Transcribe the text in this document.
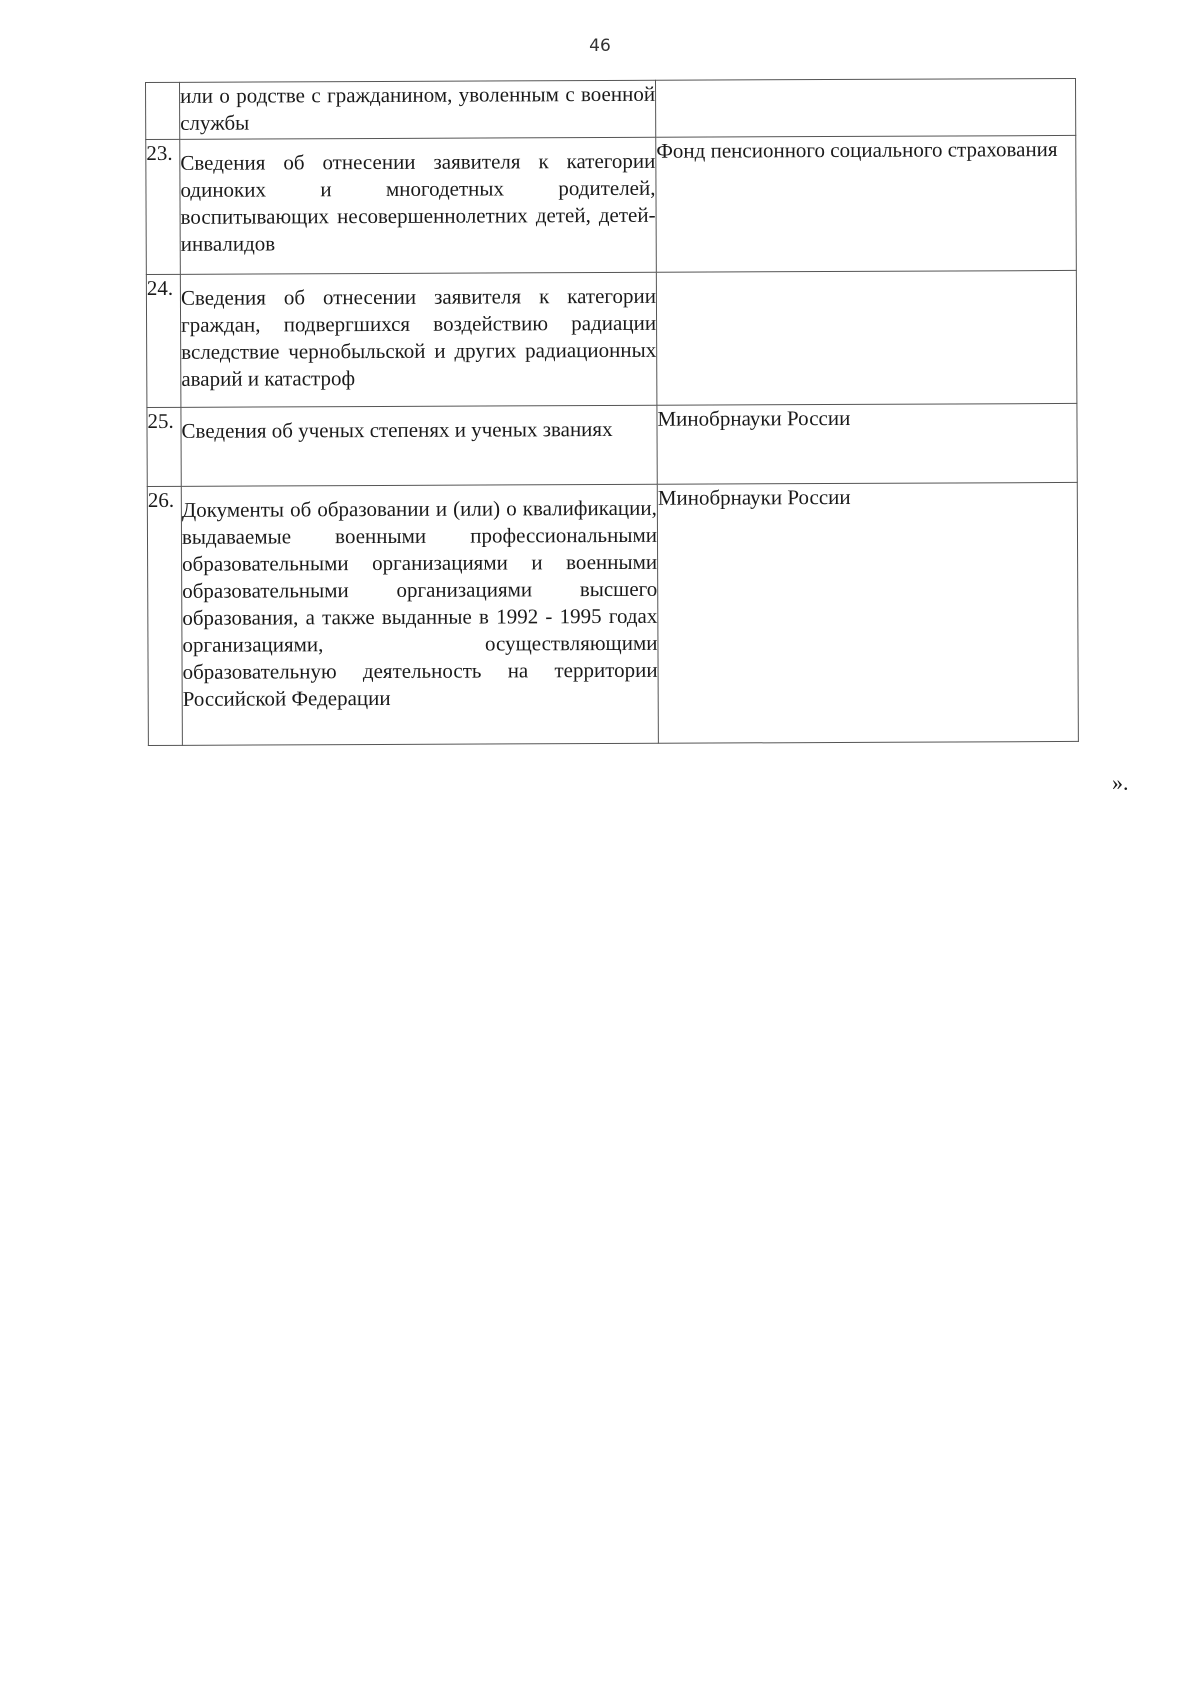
46
	или о родстве с гражданином, уволенным с военной службы	
23.	Сведения об отнесении заявителя к категории одиноких и многодетных родителей, воспитывающих несовершеннолетних детей, детей-инвалидов	Фонд пенсионного социального страхования
24.	Сведения об отнесении заявителя к категории граждан, подвергшихся воздействию радиации вследствие чернобыльской и других радиационных аварий и катастроф	
25.	Сведения об ученых степенях и ученых званиях	Минобрнауки России
26.	Документы об образовании и (или) о квалификации, выдаваемые военными профессиональными образовательными организациями и военными образовательными организациями высшего образования, а также выданные в 1992 - 1995 годах организациями, осуществляющими образовательную деятельность на территории Российской Федерации	Минобрнауки России
».
